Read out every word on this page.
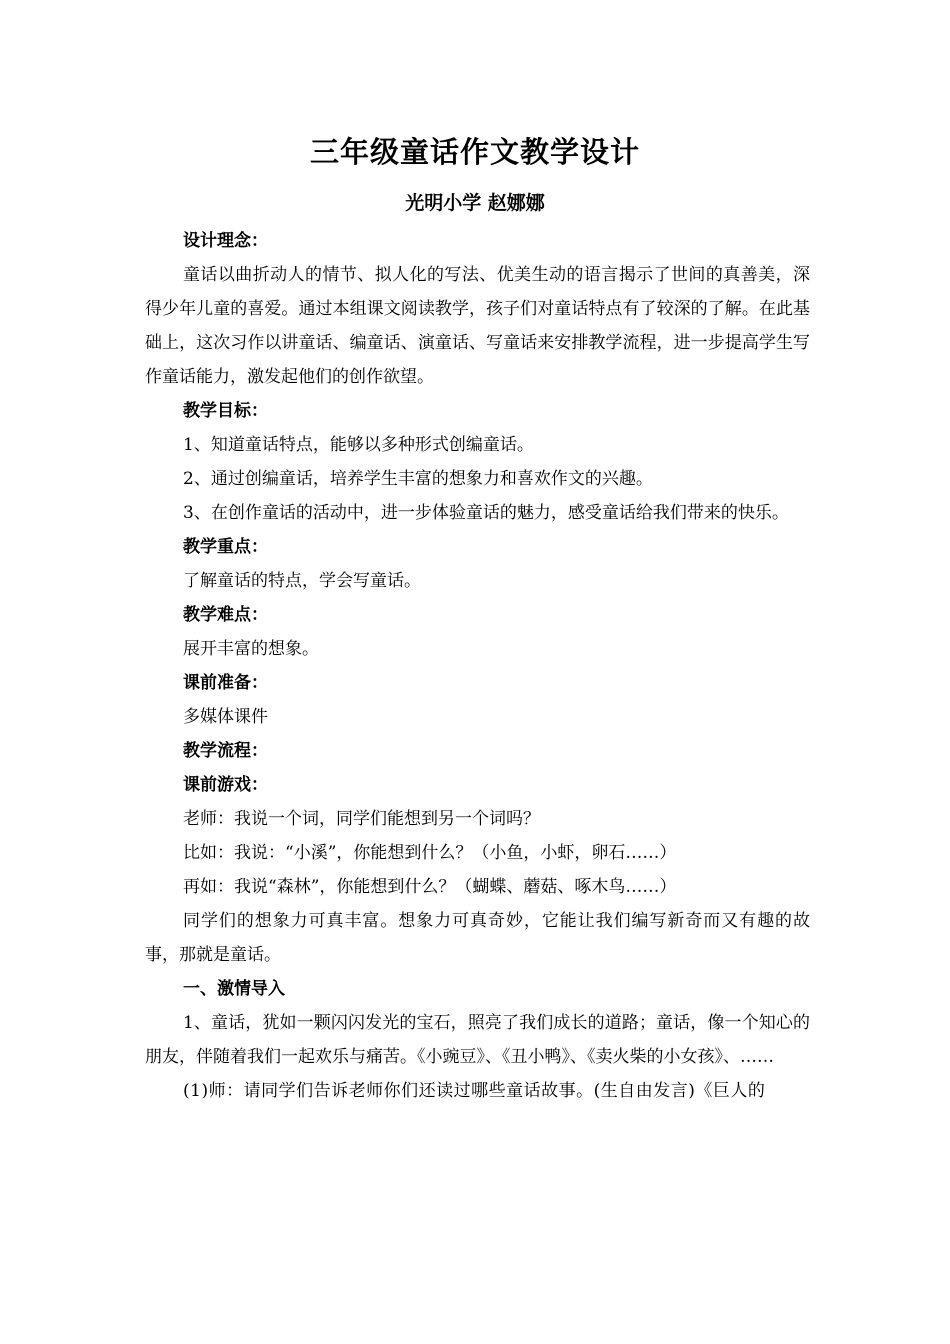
三年级童话作文教学设计
光明小学 赵娜娜

设计理念：

童话以曲折动人的情节、拟人化的写法、优美生动的语言揭示了世间的真善美，深得少年儿童的喜爱。通过本组课文阅读教学，孩子们对童话特点有了较深的了解。在此基础上，这次习作以讲童话、编童话、演童话、写童话来安排教学流程，进一步提高学生写作童话能力，激发起他们的创作欲望。

教学目标：

1、知道童话特点，能够以多种形式创编童话。

2、通过创编童话，培养学生丰富的想象力和喜欢作文的兴趣。

3、在创作童话的活动中，进一步体验童话的魅力，感受童话给我们带来的快乐。

教学重点：

了解童话的特点，学会写童话。

教学难点：

展开丰富的想象。

课前准备：

多媒体课件

教学流程：

课前游戏：

老师：我说一个词，同学们能想到另一个词吗？

比如：我说：“小溪”，你能想到什么？（小鱼，小虾，卵石……）

再如：我说“森林”，你能想到什么？（蝴蝶、蘑菇、啄木鸟……）

同学们的想象力可真丰富。想象力可真奇妙，它能让我们编写新奇而又有趣的故事，那就是童话。

一、激情导入

1、童话，犹如一颗闪闪发光的宝石，照亮了我们成长的道路；童话，像一个知心的朋友，伴随着我们一起欢乐与痛苦。《小豌豆》、《丑小鸭》、《卖火柴的小女孩》、……

(1)师：请同学们告诉老师你们还读过哪些童话故事。(生自由发言)《巨人的
